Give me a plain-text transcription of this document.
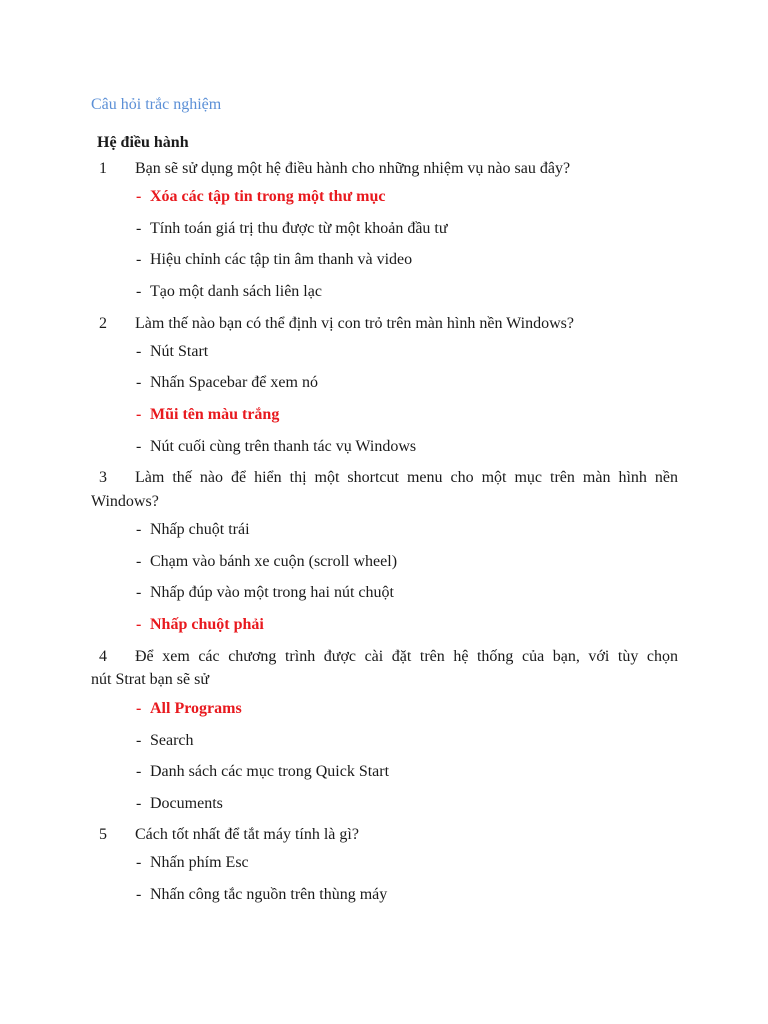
Câu hỏi trắc nghiệm
Hệ điều hành
1 Bạn sẽ sử dụng một hệ điều hành cho những nhiệm vụ nào sau đây?
- Xóa các tập tin trong một thư mục
- Tính toán giá trị thu được từ một khoản đầu tư
- Hiệu chỉnh các tập tin âm thanh và video
- Tạo một danh sách liên lạc
2 Làm thế nào bạn có thể định vị con trỏ trên màn hình nền Windows?
- Nút Start
- Nhấn Spacebar để xem nó
- Mũi tên màu trắng
- Nút cuối cùng trên thanh tác vụ Windows
3 Làm thế nào để hiển thị một shortcut menu cho một mục trên màn hình nền
Windows?
- Nhấp chuột trái
- Chạm vào bánh xe cuộn (scroll wheel)
- Nhấp đúp vào một trong hai nút chuột
- Nhấp chuột phải
4 Để xem các chương trình được cài đặt trên hệ thống của bạn, với tùy chọn
nút Strat bạn sẽ sử
- All Programs
- Search
- Danh sách các mục trong Quick Start
- Documents
5 Cách tốt nhất để tắt máy tính là gì?
- Nhấn phím Esc
- Nhấn công tắc nguồn trên thùng máy
